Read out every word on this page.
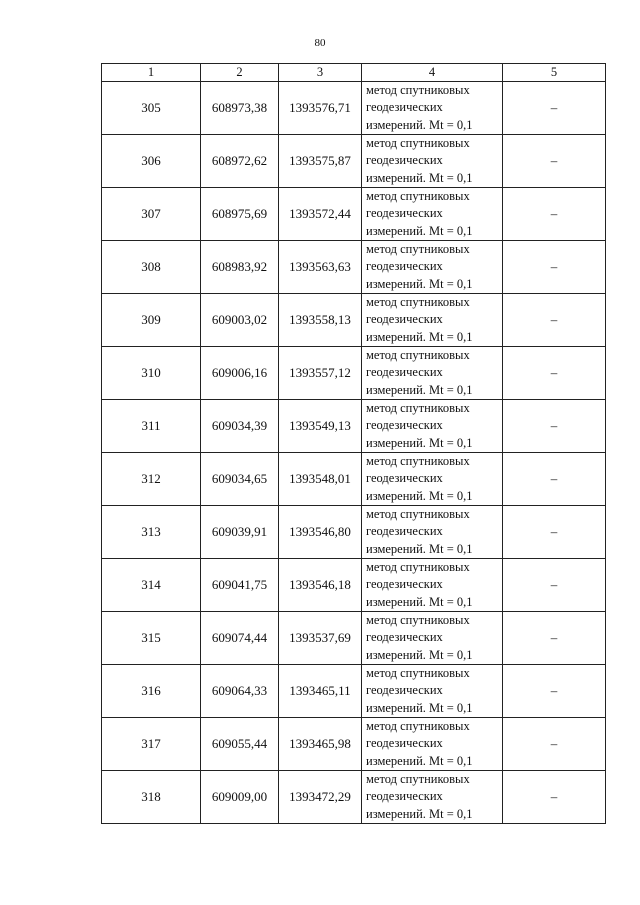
80
1	2	3	4	5
305	608973,38	1393576,71	метод спутниковых
геодезических
измерений. Mt = 0,1	–
306	608972,62	1393575,87	метод спутниковых
геодезических
измерений. Mt = 0,1	–
307	608975,69	1393572,44	метод спутниковых
геодезических
измерений. Mt = 0,1	–
308	608983,92	1393563,63	метод спутниковых
геодезических
измерений. Mt = 0,1	–
309	609003,02	1393558,13	метод спутниковых
геодезических
измерений. Mt = 0,1	–
310	609006,16	1393557,12	метод спутниковых
геодезических
измерений. Mt = 0,1	–
311	609034,39	1393549,13	метод спутниковых
геодезических
измерений. Mt = 0,1	–
312	609034,65	1393548,01	метод спутниковых
геодезических
измерений. Mt = 0,1	–
313	609039,91	1393546,80	метод спутниковых
геодезических
измерений. Mt = 0,1	–
314	609041,75	1393546,18	метод спутниковых
геодезических
измерений. Mt = 0,1	–
315	609074,44	1393537,69	метод спутниковых
геодезических
измерений. Mt = 0,1	–
316	609064,33	1393465,11	метод спутниковых
геодезических
измерений. Mt = 0,1	–
317	609055,44	1393465,98	метод спутниковых
геодезических
измерений. Mt = 0,1	–
318	609009,00	1393472,29	метод спутниковых
геодезических
измерений. Mt = 0,1	–
